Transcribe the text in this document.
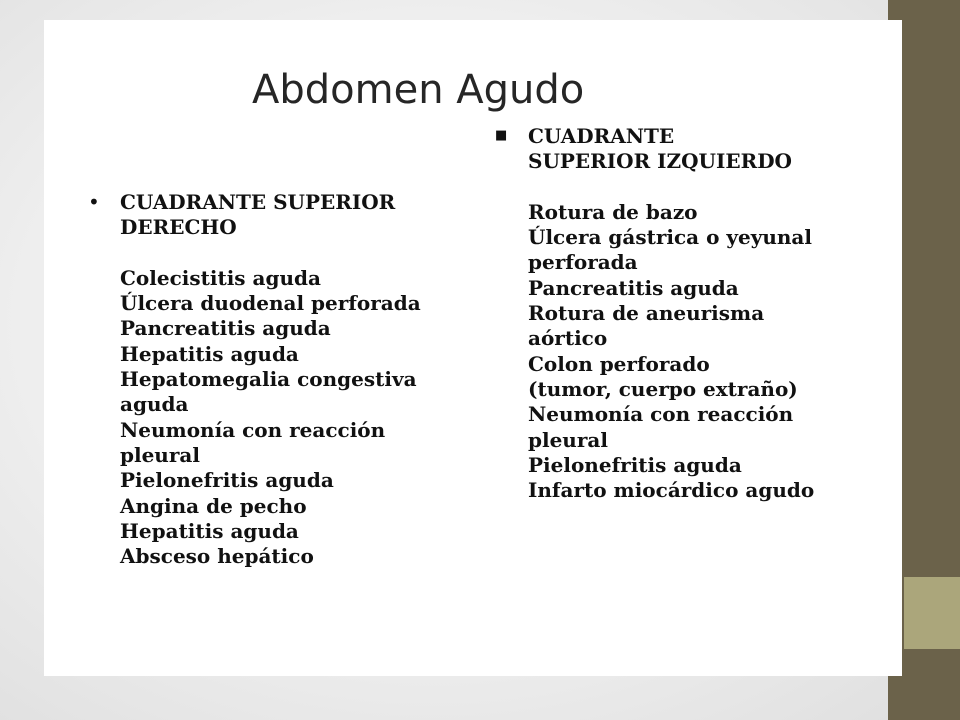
Abdomen Agudo
• CUADRANTE SUPERIOR
DERECHO
Colecistitis aguda
Úlcera duodenal perforada
Pancreatitis aguda
Hepatitis aguda
Hepatomegalia congestiva
aguda
Neumonía con reacción
pleural
Pielonefritis aguda
Angina de pecho
Hepatitis aguda
Absceso hepático
■ CUADRANTE
SUPERIOR IZQUIERDO
Rotura de bazo
Úlcera gástrica o yeyunal
perforada
Pancreatitis aguda
Rotura de aneurisma
aórtico
Colon perforado
(tumor, cuerpo extraño)
Neumonía con reacción
pleural
Pielonefritis aguda
Infarto miocárdico agudo
